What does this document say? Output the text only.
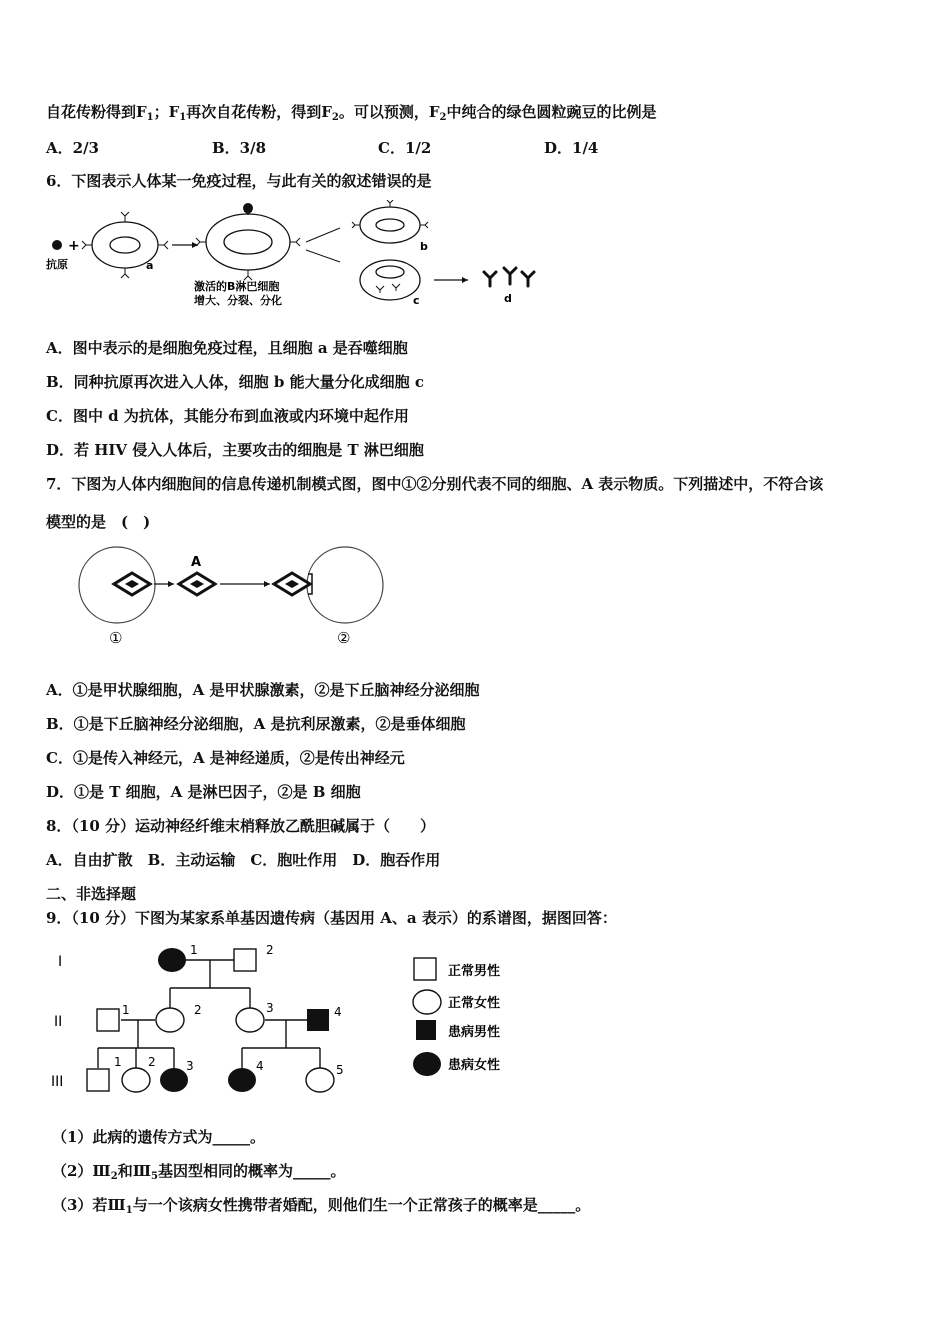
自花传粉得到$F_1$；$F_1$再次自花传粉，得到$F_2$。可以预测，$F_2$中纯合的绿色圆粒豌豆的比例是
A．2/3	B．3/8	C．1/2	D．1/4
6．下图表示人体某一免疫过程，与此有关的叙述错误的是
+
抗原	a
激活的B淋巴细胞
增大、分裂、分化
b
c	d
A．图中表示的是细胞免疫过程，且细胞 a 是吞噬细胞
B．同种抗原再次进入人体，细胞 b 能大量分化成细胞 c
C．图中 d 为抗体，其能分布到血液或内环境中起作用
D．若 HIV 侵入人体后，主要攻击的细胞是 T 淋巴细胞
7．下图为人体内细胞间的信息传递机制模式图，图中①②分别代表不同的细胞、A 表示物质。下列描述中，不符合该
模型的是　(　)
A
①	②
A．①是甲状腺细胞，A 是甲状腺激素，②是下丘脑神经分泌细胞
B．①是下丘脑神经分泌细胞，A 是抗利尿激素，②是垂体细胞
C．①是传入神经元，A 是神经递质，②是传出神经元
D．①是 T 细胞，A 是淋巴因子，②是 B 细胞
8．（10 分）运动神经纤维末梢释放乙酰胆碱属于（　　）
A．自由扩散　B．主动运输　C．胞吐作用　D．胞吞作用
二、非选择题
9．（10 分）下图为某家系单基因遗传病（基因用 A、a 表示）的系谱图，据图回答：
I
II
III
1	2
1	2	3	4
1 2	3	4	5
正常男性
正常女性
患病男性
患病女性
（1）此病的遗传方式为_____。
$(2)Ⅲ_2$和$Ⅲ_5$基因型相同的概率为_____。
（3）若$Ⅲ_1$与一个该病女性携带者婚配，则他们生一个正常孩子的概率是_____。
